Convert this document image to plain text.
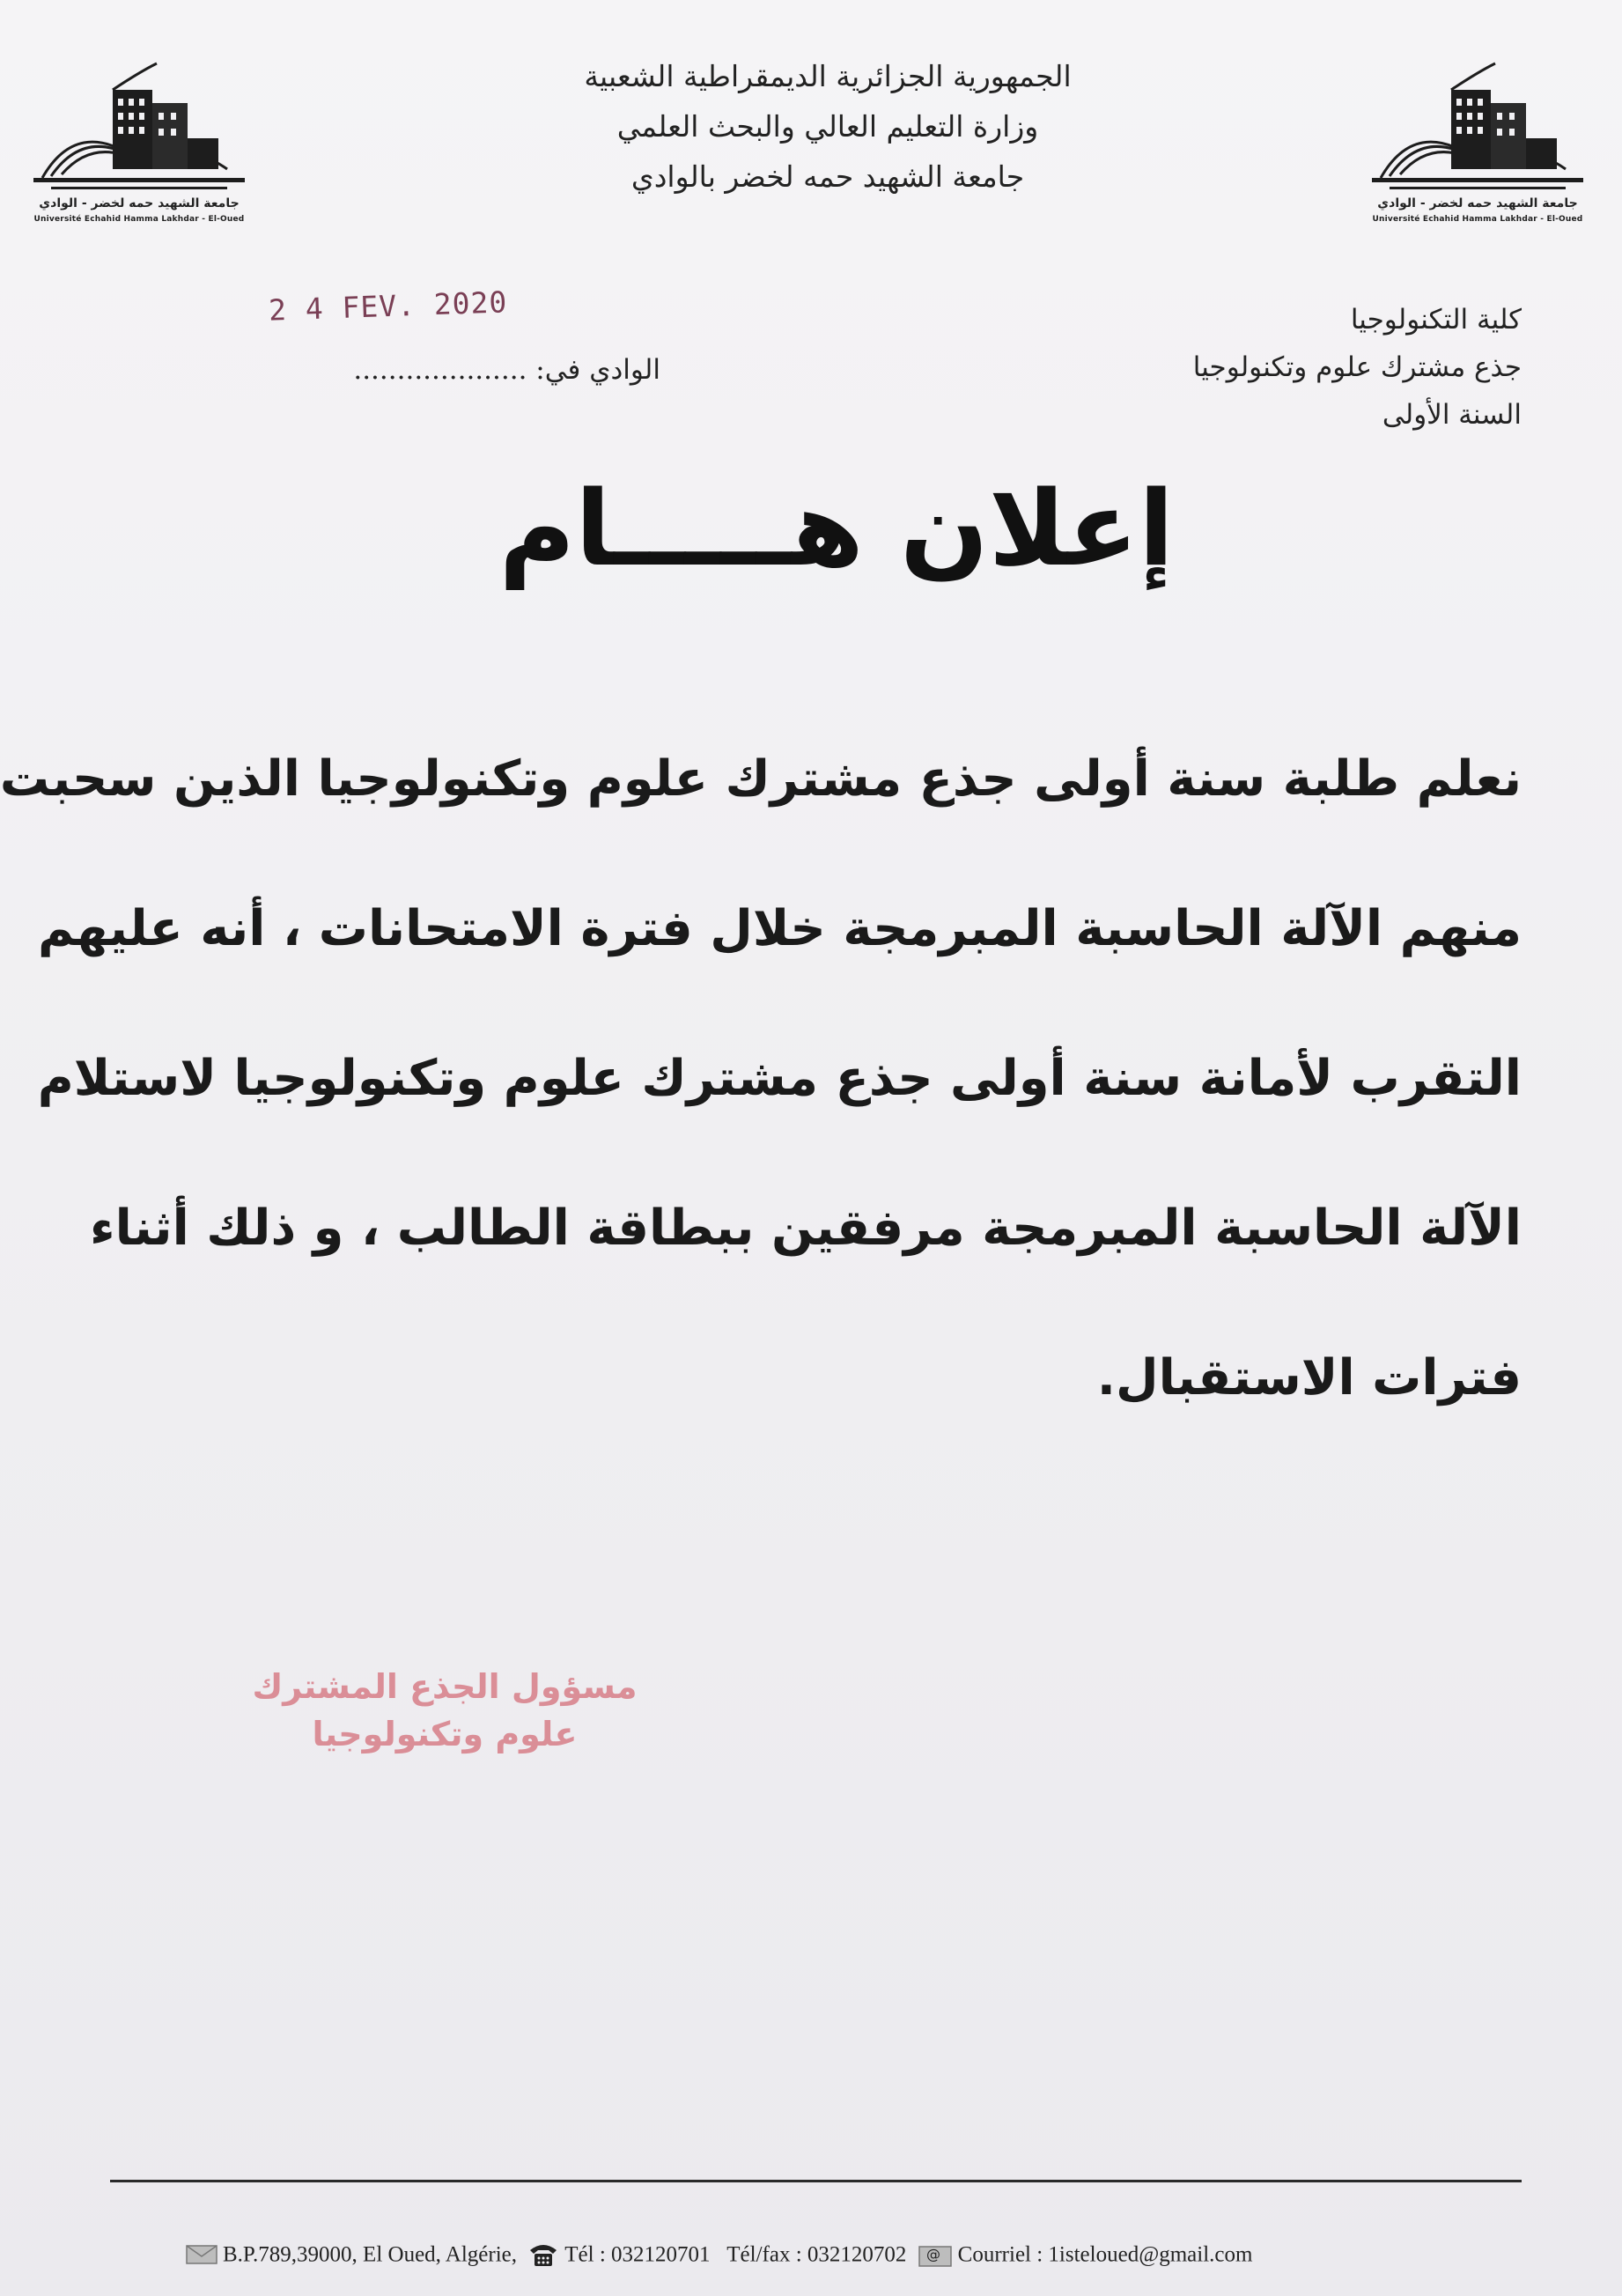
جامعة الشهيد حمه لخضر - الوادي
Université Echahid Hamma Lakhdar - El-Oued
جامعة الشهيد حمه لخضر - الوادي
Université Echahid Hamma Lakhdar - El-Oued
الجمهورية الجزائرية الديمقراطية الشعبية
وزارة التعليم العالي والبحث العلمي
جامعة الشهيد حمه لخضر بالوادي
2 4 FEV. 2020
الوادي في: ....................
كلية التكنولوجيا
جذع مشترك علوم وتكنولوجيا
السنة الأولى
إعلان هـــــام
نعلم طلبة سنة أولى جذع مشترك علوم وتكنولوجيا الذين سحبت
منهم الآلة الحاسبة المبرمجة خلال فترة الامتحانات ، أنه عليهم
التقرب لأمانة سنة أولى جذع مشترك علوم وتكنولوجيا لاستلام
الآلة الحاسبة المبرمجة مرفقين ببطاقة الطالب ، و ذلك أثناء
فترات الاستقبال.
مسؤول الجذع المشترك
علوم وتكنولوجيا
B.P.789,39000, El Oued, Algérie, Tél : 032120701 Tél/fax : 032120702 @ Courriel : 1isteloued@gmail.com
